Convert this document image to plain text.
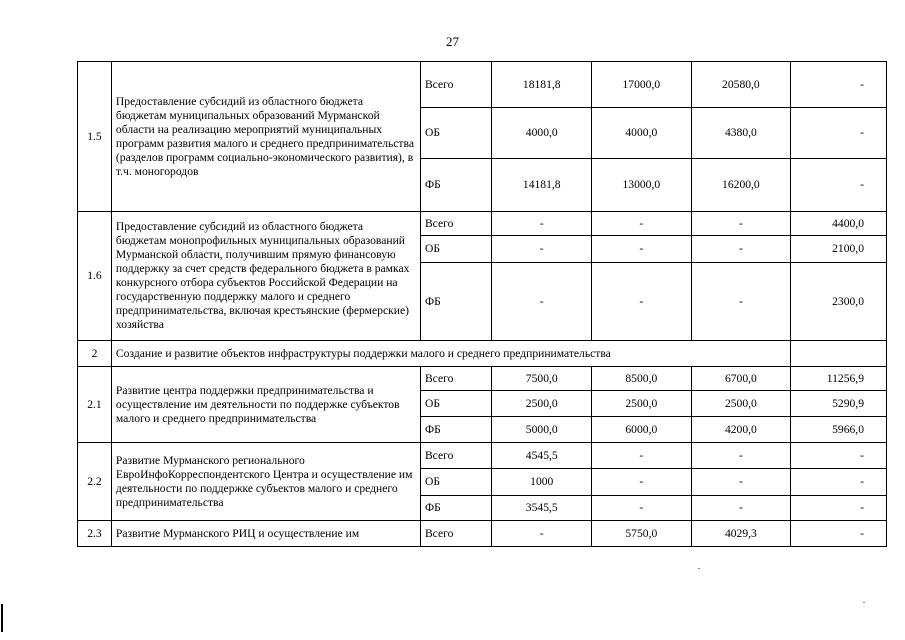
27
1.5	Предоставление субсидий из областного бюджета бюджетам муниципальных образований Мурманской области на реализацию мероприятий муниципальных программ развития малого и среднего предпринимательства (разделов программ социально-экономического развития), в т.ч. моногородов	Всего	18181,8	17000,0	20580,0	-
		ОБ	4000,0	4000,0	4380,0	-
		ФБ	14181,8	13000,0	16200,0	-
1.6	Предоставление субсидий из областного бюджета бюджетам монопрофильных муниципальных образований Мурманской области, получившим прямую финансовую поддержку за счет средств федерального бюджета в рамках конкурсного отбора субъектов Российской Федерации на государственную поддержку малого и среднего предпринимательства, включая крестьянские (фермерские) хозяйства	Всего	-	-	-	4400,0
		ОБ	-	-	-	2100,0
		ФБ	-	-	-	2300,0
2	Создание и развитие объектов инфраструктуры поддержки малого и среднего предпринимательства					
2.1	Развитие центра поддержки предпринимательства и осуществление им деятельности по поддержке субъектов малого и среднего предпринимательства	Всего	7500,0	8500,0	6700,0	11256,9
		ОБ	2500,0	2500,0	2500,0	5290,9
		ФБ	5000,0	6000,0	4200,0	5966,0
2.2	Развитие Мурманского регионального ЕвроИнфоКорреспондентского Центра и осуществление им деятельности по поддержке субъектов малого и среднего предпринимательства	Всего	4545,5	-	-	-
		ОБ	1000	-	-	-
		ФБ	3545,5	-	-	-
2.3	Развитие Мурманского РИЦ и осуществление им	Всего	-	5750,0	4029,3	-
